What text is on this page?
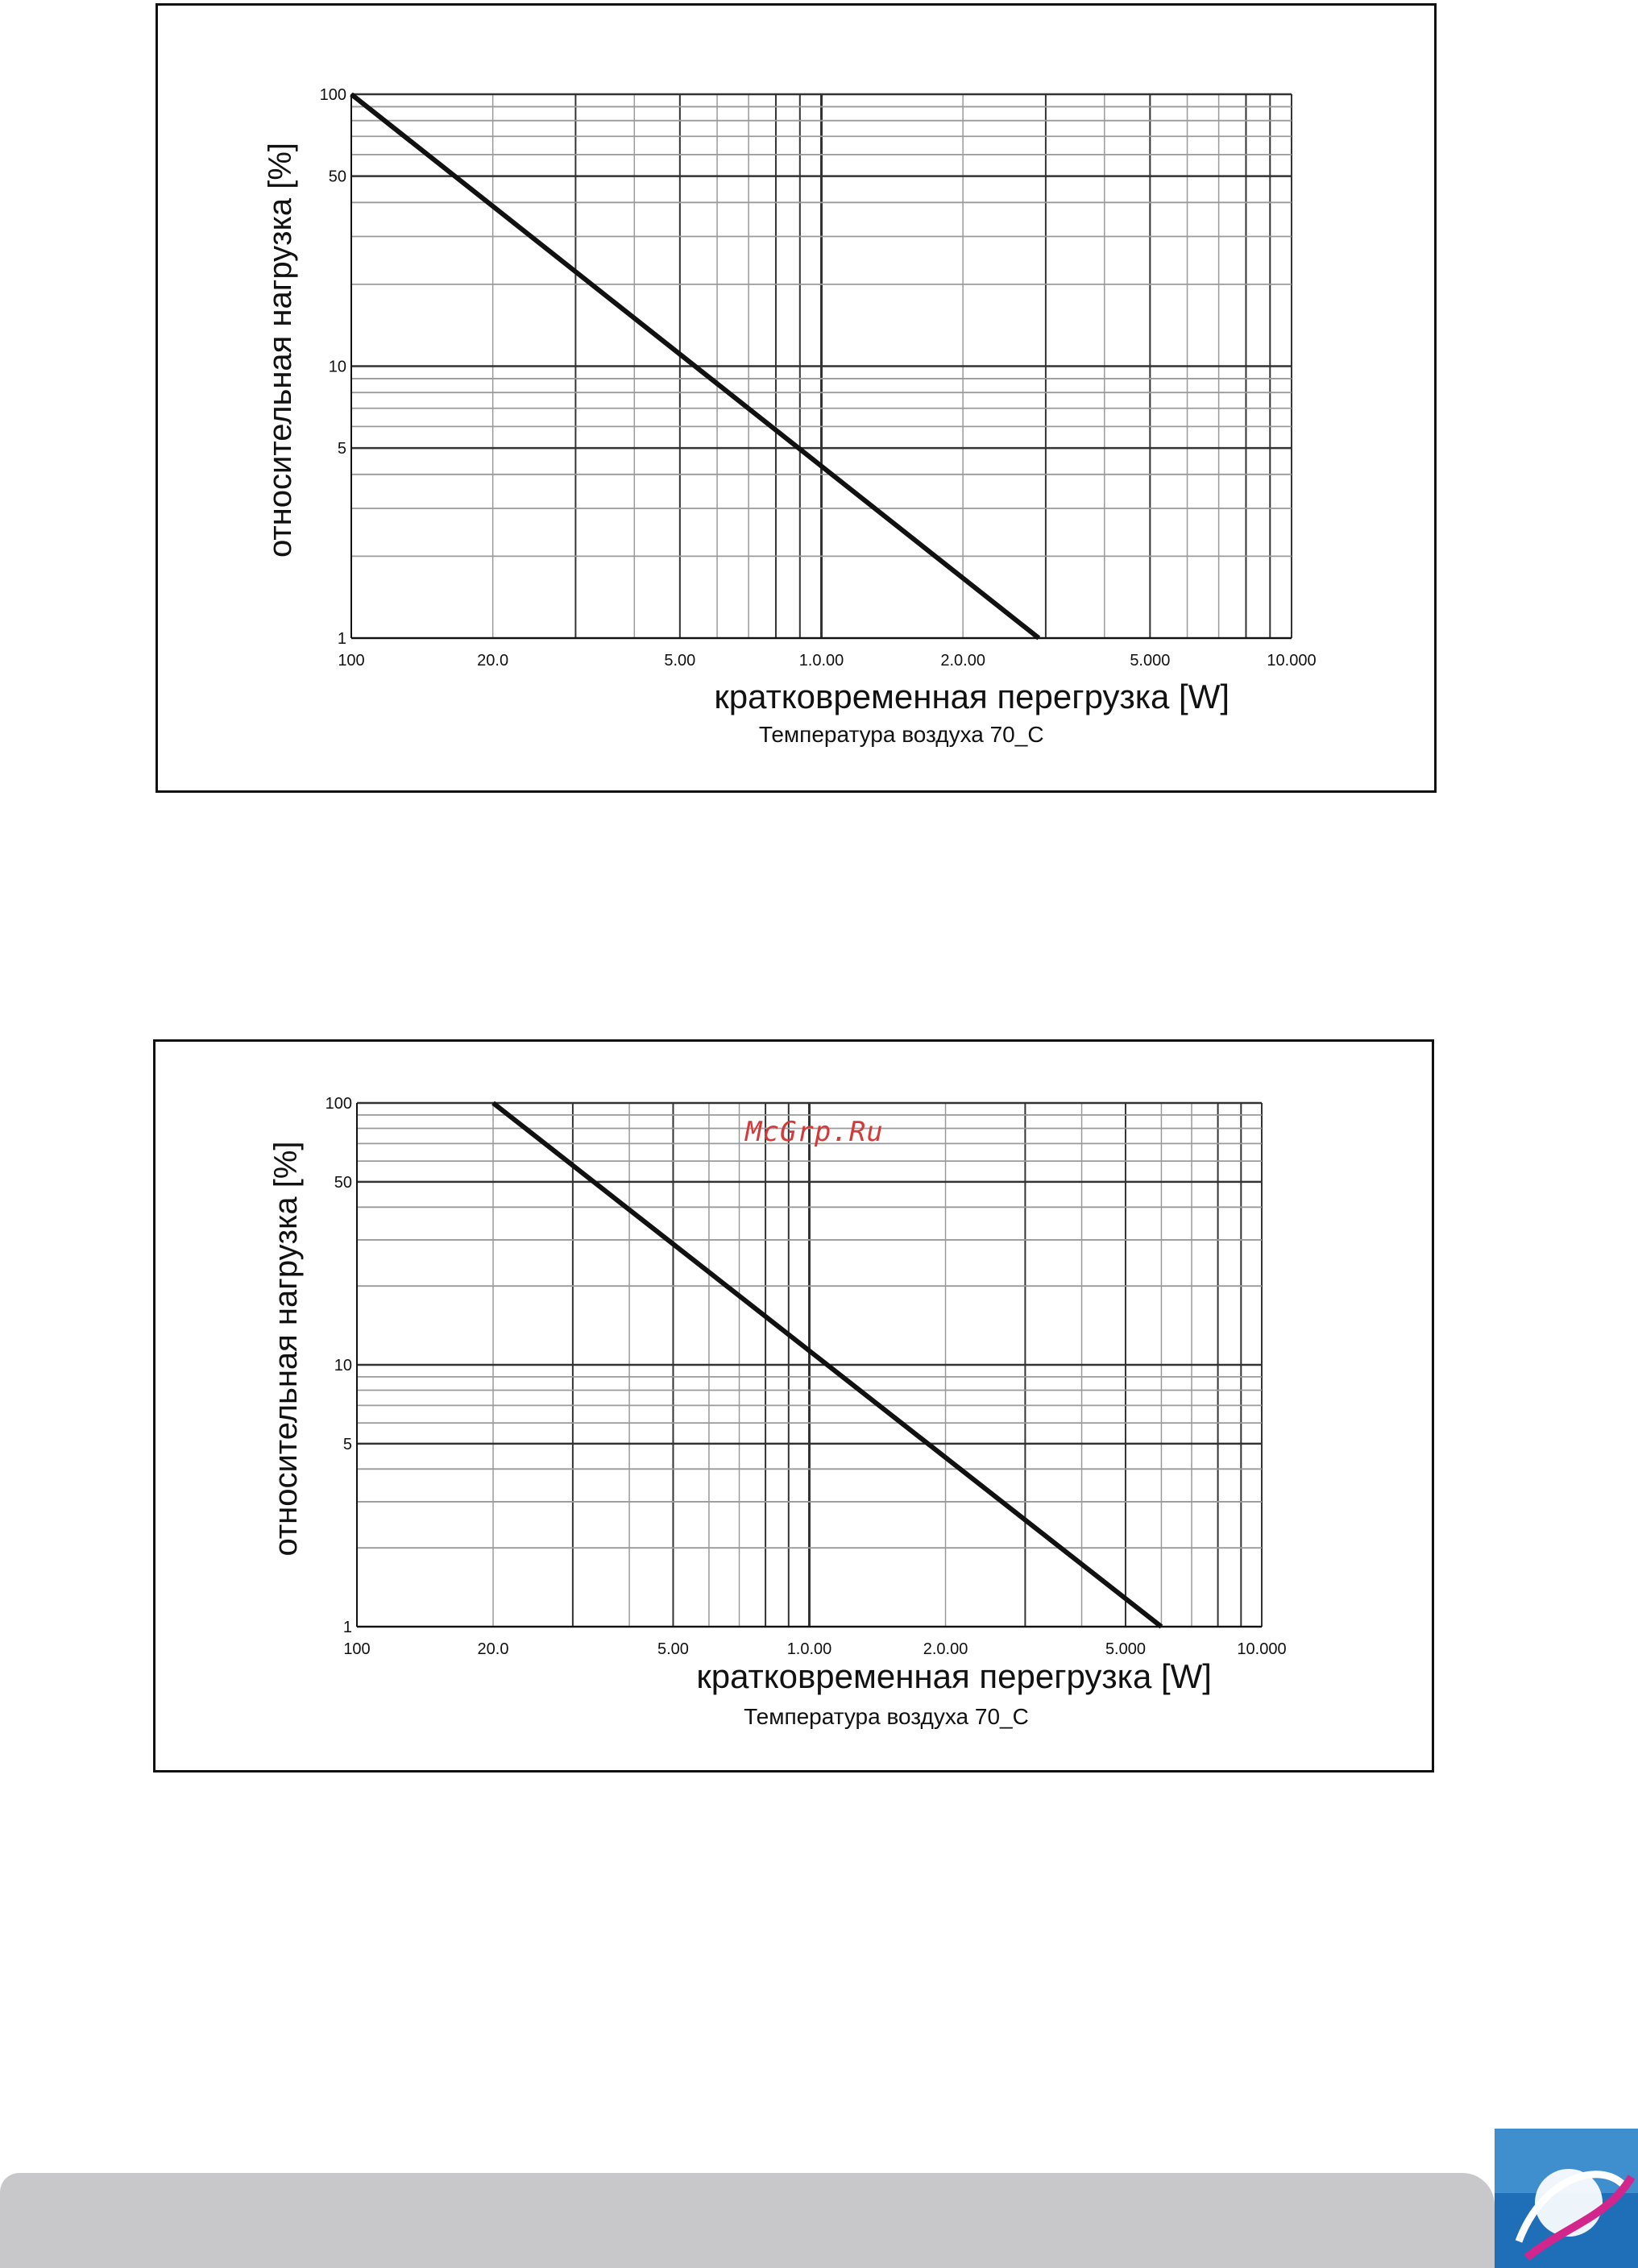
100	20.0	5.00	1.0.00	2.0.00	5.000	10.000
1
5
10
50
100
кратковременная перегрузка [W]
относительная нагрузка [%]
Температура воздуха 70_C
100	20.0	5.00	1.0.00	2.0.00	5.000	10.000
1
5
10
50
100
кратковременная перегрузка [W]
относительная нагрузка [%]
Температура воздуха 70_C
McGrp.Ru
